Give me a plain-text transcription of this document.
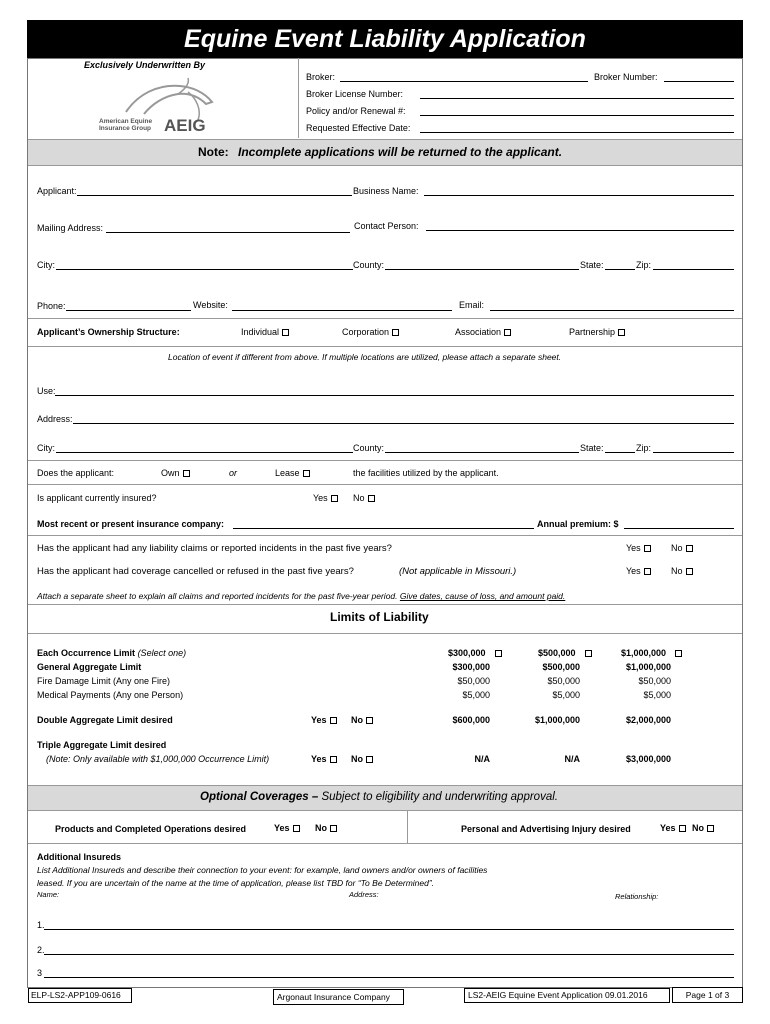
Equine Event Liability Application
Exclusively Underwritten By
American Equine
Insurance Group AEIG
Broker:	Broker Number:
Broker License Number:
Policy and/or Renewal #:
Requested Effective Date:
Note: Incomplete applications will be returned to the applicant.
Applicant:	Business Name:
Mailing Address:	Contact Person:
City:	County:	State:	Zip:
Phone:	Website:	Email:
Applicant’s Ownership Structure:	Individual	Corporation	Association	Partnership
Location of event if different from above. If multiple locations are utilized, please attach a separate sheet.
Use:
Address:
City:	County:	State:	Zip:
Does the applicant:	Own	or	Lease	the facilities utilized by the applicant.
Is applicant currently insured?	Yes	No
Most recent or present insurance company:	Annual premium: $
Has the applicant had any liability claims or reported incidents in the past five years?	Yes	No
Has the applicant had coverage cancelled or refused in the past five years?	(Not applicable in Missouri.)	Yes	No
Attach a separate sheet to explain all claims and reported incidents for the past five-year period. Give dates, cause of loss, and amount paid.
Limits of Liability
Each Occurrence Limit (Select one)	$300,000	$500,000	$1,000,000
General Aggregate Limit	$300,000	$500,000	$1,000,000
Fire Damage Limit (Any one Fire)	$50,000	$50,000	$50,000
Medical Payments (Any one Person)	$5,000	$5,000	$5,000
Double Aggregate Limit desired	Yes	No	$600,000	$1,000,000	$2,000,000
Triple Aggregate Limit desired
(Note: Only available with $1,000,000 Occurrence Limit)	Yes	No	N/A	N/A	$3,000,000
Optional Coverages – Subject to eligibility and underwriting approval.
Products and Completed Operations desired	Yes	No	Personal and Advertising Injury desired	Yes	No
Additional Insureds
List Additional Insureds and describe their connection to your event: for example, land owners and/or owners of facilities
leased. If you are uncertain of the name at the time of application, please list TBD for “To Be Determined”.
Name:	Address:	Relationship:
1.
2.
3
ELP-LS2-APP109-0616	Argonaut Insurance Company	LS2-AEIG Equine Event Application 09.01.2016	Page 1 of 3
